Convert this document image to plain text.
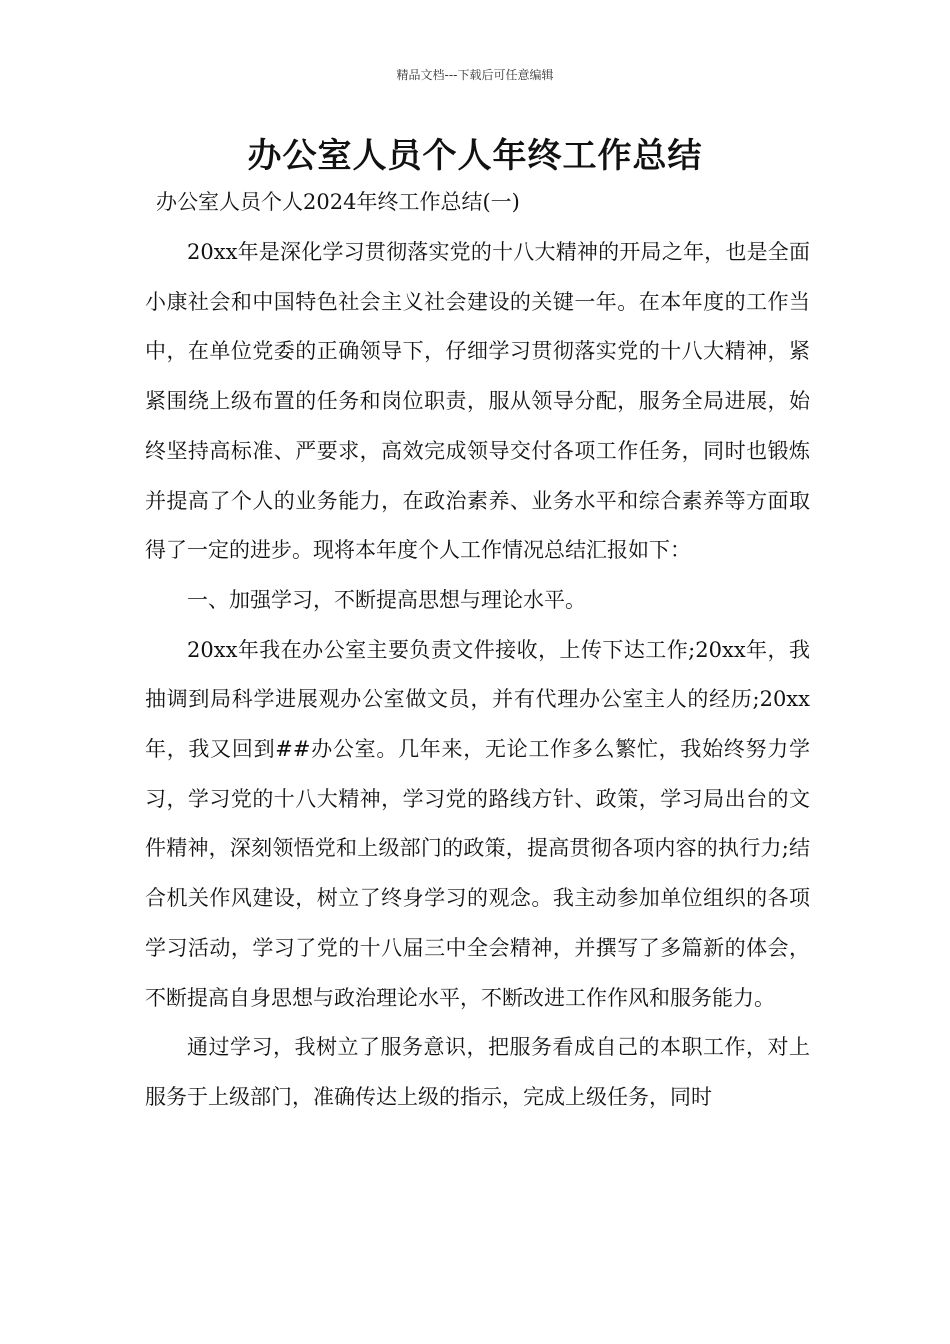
精品文档---下载后可任意编辑
办公室人员个人年终工作总结

办公室人员个人2024年终工作总结(一)

20xx年是深化学习贯彻落实党的十八大精神的开局之年，也是全面小康社会和中国特色社会主义社会建设的关键一年。在本年度的工作当中，在单位党委的正确领导下，仔细学习贯彻落实党的十八大精神，紧紧围绕上级布置的任务和岗位职责，服从领导分配，服务全局进展，始终坚持高标准、严要求，高效完成领导交付各项工作任务，同时也锻炼并提高了个人的业务能力，在政治素养、业务水平和综合素养等方面取得了一定的进步。现将本年度个人工作情况总结汇报如下：

一、加强学习，不断提高思想与理论水平。

20xx年我在办公室主要负责文件接收，上传下达工作;20xx年，我抽调到局科学进展观办公室做文员，并有代理办公室主人的经历;20xx年，我又回到##办公室。几年来，无论工作多么繁忙，我始终努力学习，学习党的十八大精神，学习党的路线方针、政策，学习局出台的文件精神，深刻领悟党和上级部门的政策，提高贯彻各项内容的执行力;结合机关作风建设，树立了终身学习的观念。我主动参加单位组织的各项学习活动，学习了党的十八届三中全会精神，并撰写了多篇新的体会，不断提高自身思想与政治理论水平，不断改进工作作风和服务能力。

通过学习，我树立了服务意识，把服务看成自己的本职工作，对上服务于上级部门，准确传达上级的指示，完成上级任务，同时
